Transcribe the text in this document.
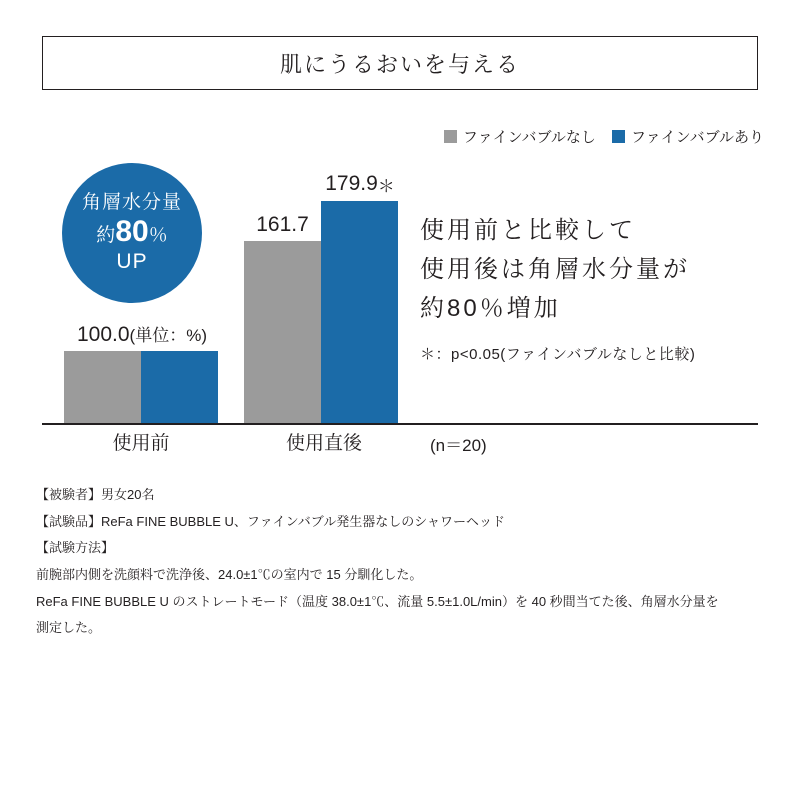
肌にうるおいを与える
ファインバブルなし ファインバブルあり
100.0(単位：%)
161.7
179.9＊
使用前	使用直後	(n＝20)
角層水分量
約80％
UP
使用前と比較して
使用後は角層水分量が
約80％増加
＊：p<0.05(ファインバブルなしと比較)
【被験者】男女20名
【試験品】ReFa FINE BUBBLE U、ファインバブル発生器なしのシャワーヘッド
【試験方法】
前腕部内側を洗顔料で洗浄後、24.0±1℃の室内で 15 分馴化した。
ReFa FINE BUBBLE U のストレートモード（温度 38.0±1℃、流量 5.5±1.0L/min）を 40 秒間当てた後、角層水分量を
測定した。
